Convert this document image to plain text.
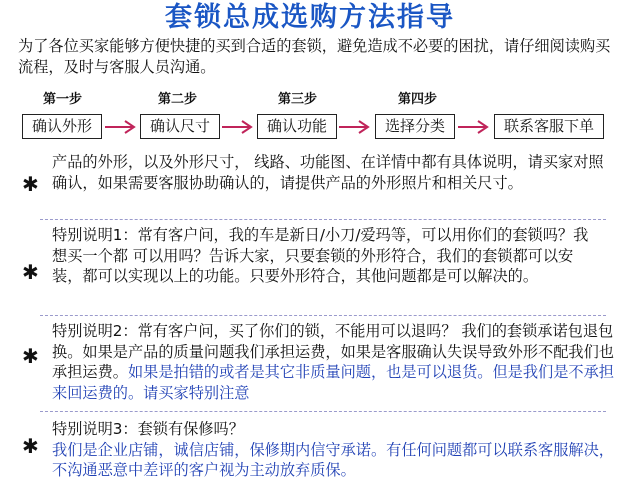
套锁总成选购方法指导
为了各位买家能够方便快捷的买到合适的套锁，避免造成不必要的困扰，请仔细阅读购买流程，及时与客服人员沟通。
第一步	第二步	第三步	第四步
确认外形	确认尺寸	确认功能	选择分类	联系客服下单
✱
产品的外形，以及外形尺寸， 线路、功能图、在详情中都有具体说明，请买家对照确认，如果需要客服协助确认的，请提供产品的外形照片和相关尺寸。
✱
特别说明1：常有客户问，我的车是新日/小刀/爱玛等，可以用你们的套锁吗？我想买一个都 可以用吗？告诉大家，只要套锁的外形符合，我们的套锁都可以安装，都可以实现以上的功能。只要外形符合，其他问题都是可以解决的。
✱
特别说明2：常有客户问，买了你们的锁，不能用可以退吗？ 我们的套锁承诺包退包换。如果是产品的质量问题我们承担运费，如果是客服确认失误导致外形不配我们也承担运费。如果是拍错的或者是其它非质量问题，也是可以退货。但是我们是不承担来回运费的。请买家特别注意
✱
特别说明3：套锁有保修吗？
我们是企业店铺，诚信店铺，保修期内信守承诺。有任何问题都可以联系客服解决，不沟通恶意中差评的客户视为主动放弃质保。
